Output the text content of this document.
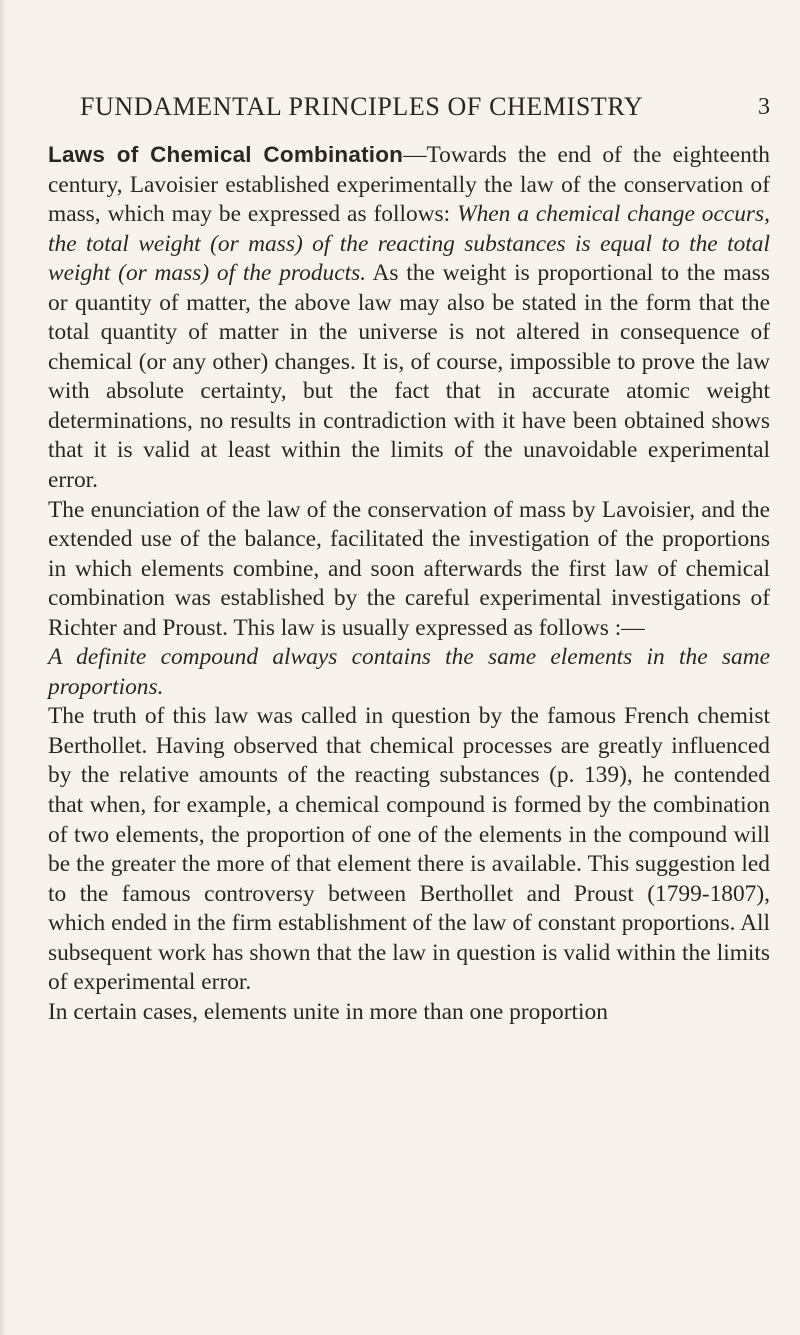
FUNDAMENTAL PRINCIPLES OF CHEMISTRY	3

Laws of Chemical Combination—Towards the end of the eighteenth century, Lavoisier established experimentally the law of the conservation of mass, which may be expressed as follows: When a chemical change occurs, the total weight (or mass) of the reacting substances is equal to the total weight (or mass) of the products. As the weight is proportional to the mass or quantity of matter, the above law may also be stated in the form that the total quantity of matter in the universe is not altered in consequence of chemical (or any other) changes. It is, of course, impossible to prove the law with absolute certainty, but the fact that in accurate atomic weight determinations, no results in contradiction with it have been obtained shows that it is valid at least within the limits of the unavoidable experimental error.

The enunciation of the law of the conservation of mass by Lavoisier, and the extended use of the balance, facilitated the investigation of the proportions in which elements combine, and soon afterwards the first law of chemical combination was established by the careful experimental investigations of Richter and Proust. This law is usually expressed as follows :—

A definite compound always contains the same elements in the same proportions.

The truth of this law was called in question by the famous French chemist Berthollet. Having observed that chemical processes are greatly influenced by the relative amounts of the reacting substances (p. 139), he contended that when, for example, a chemical compound is formed by the combination of two elements, the proportion of one of the elements in the compound will be the greater the more of that element there is available. This suggestion led to the famous controversy between Berthollet and Proust (1799-1807), which ended in the firm establishment of the law of constant proportions. All subsequent work has shown that the law in question is valid within the limits of experimental error.

In certain cases, elements unite in more than one proportion
